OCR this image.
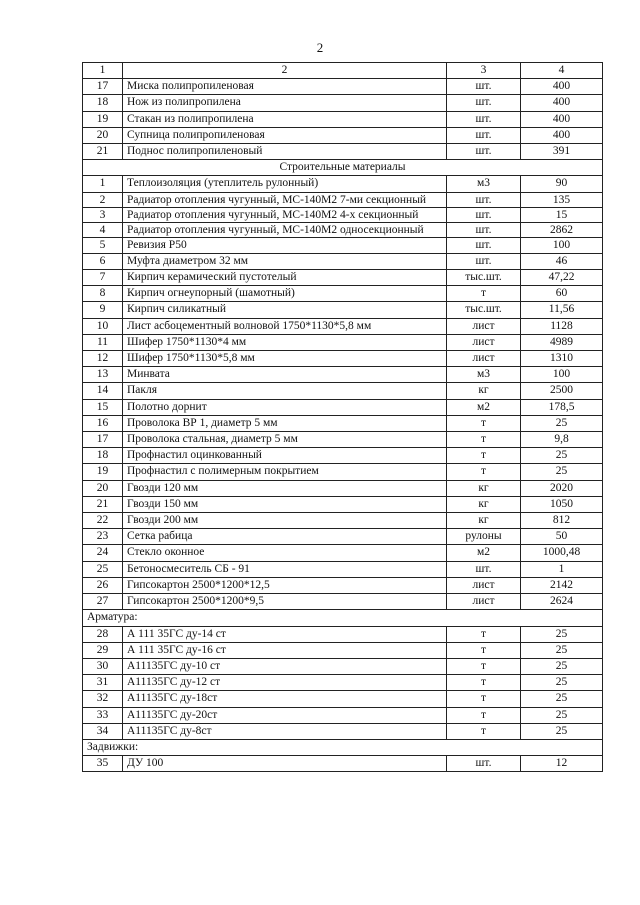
2
1	2	3	4
17	Миска полипропиленовая	шт.	400
18	Нож из полипропилена	шт.	400
19	Стакан из полипропилена	шт.	400
20	Супница полипропиленовая	шт.	400
21	Поднос полипропиленовый	шт.	391
Строительные материалы			
1	Теплоизоляция (утеплитель рулонный)	м3	90
2	Радиатор отопления чугунный, МС-140М2 7-ми секционный	шт.	135
3	Радиатор отопления чугунный, МС-140М2 4-х секционный	шт.	15
4	Радиатор отопления чугунный, МС-140М2 односекционный	шт.	2862
5	Ревизия Р50	шт.	100
6	Муфта диаметром 32 мм	шт.	46
7	Кирпич керамический пустотелый	тыс.шт.	47,22
8	Кирпич огнеупорный (шамотный)	т	60
9	Кирпич силикатный	тыс.шт.	11,56
10	Лист асбоцементный волновой 1750*1130*5,8 мм	лист	1128
11	Шифер 1750*1130*4 мм	лист	4989
12	Шифер 1750*1130*5,8 мм	лист	1310
13	Минвата	м3	100
14	Пакля	кг	2500
15	Полотно дорнит	м2	178,5
16	Проволока ВР 1, диаметр 5 мм	т	25
17	Проволока стальная, диаметр 5 мм	т	9,8
18	Профнастил оцинкованный	т	25
19	Профнастил с полимерным покрытием	т	25
20	Гвозди 120 мм	кг	2020
21	Гвозди 150 мм	кг	1050
22	Гвозди 200 мм	кг	812
23	Сетка рабица	рулоны	50
24	Стекло оконное	м2	1000,48
25	Бетоносмеситель СБ - 91	шт.	1
26	Гипсокартон 2500*1200*12,5	лист	2142
27	Гипсокартон 2500*1200*9,5	лист	2624
Арматура:			
28	А 111 35ГС ду-14 ст	т	25
29	А 111 35ГС ду-16 ст	т	25
30	А11135ГС ду-10 ст	т	25
31	А11135ГС ду-12 ст	т	25
32	А11135ГС ду-18ст	т	25
33	А11135ГС ду-20ст	т	25
34	А11135ГС ду-8ст	т	25
Задвижки:			
35	ДУ 100	шт.	12
